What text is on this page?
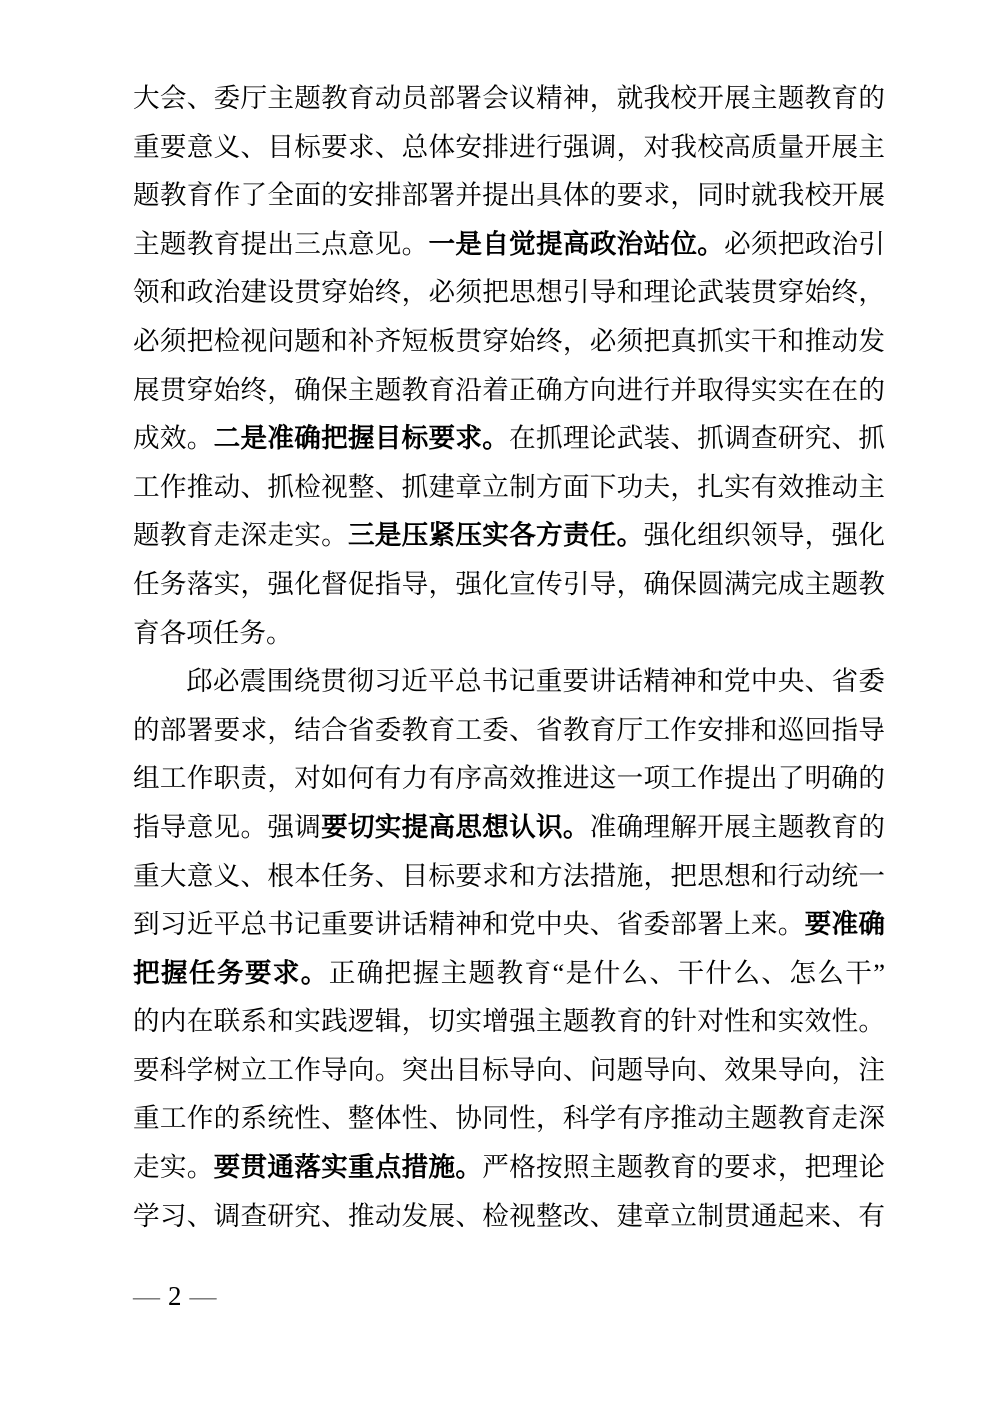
大会、委厅主题教育动员部署会议精神，就我校开展主题教育的
重要意义、目标要求、总体安排进行强调，对我校高质量开展主
题教育作了全面的安排部署并提出具体的要求，同时就我校开展
主题教育提出三点意见。一是自觉提高政治站位。必须把政治引
领和政治建设贯穿始终，必须把思想引导和理论武装贯穿始终，
必须把检视问题和补齐短板贯穿始终，必须把真抓实干和推动发
展贯穿始终，确保主题教育沿着正确方向进行并取得实实在在的
成效。二是准确把握目标要求。在抓理论武装、抓调查研究、抓
工作推动、抓检视整、抓建章立制方面下功夫，扎实有效推动主
题教育走深走实。三是压紧压实各方责任。强化组织领导，强化
任务落实，强化督促指导，强化宣传引导，确保圆满完成主题教
育各项任务。
邱必震围绕贯彻习近平总书记重要讲话精神和党中央、省委
的部署要求，结合省委教育工委、省教育厅工作安排和巡回指导
组工作职责，对如何有力有序高效推进这一项工作提出了明确的
指导意见。强调要切实提高思想认识。准确理解开展主题教育的
重大意义、根本任务、目标要求和方法措施，把思想和行动统一
到习近平总书记重要讲话精神和党中央、省委部署上来。要准确
把握任务要求。正确把握主题教育“是什么、干什么、怎么干”
的内在联系和实践逻辑，切实增强主题教育的针对性和实效性。
要科学树立工作导向。突出目标导向、问题导向、效果导向，注
重工作的系统性、整体性、协同性，科学有序推动主题教育走深
走实。要贯通落实重点措施。严格按照主题教育的要求，把理论
学习、调查研究、推动发展、检视整改、建章立制贯通起来、有
— 2 —
